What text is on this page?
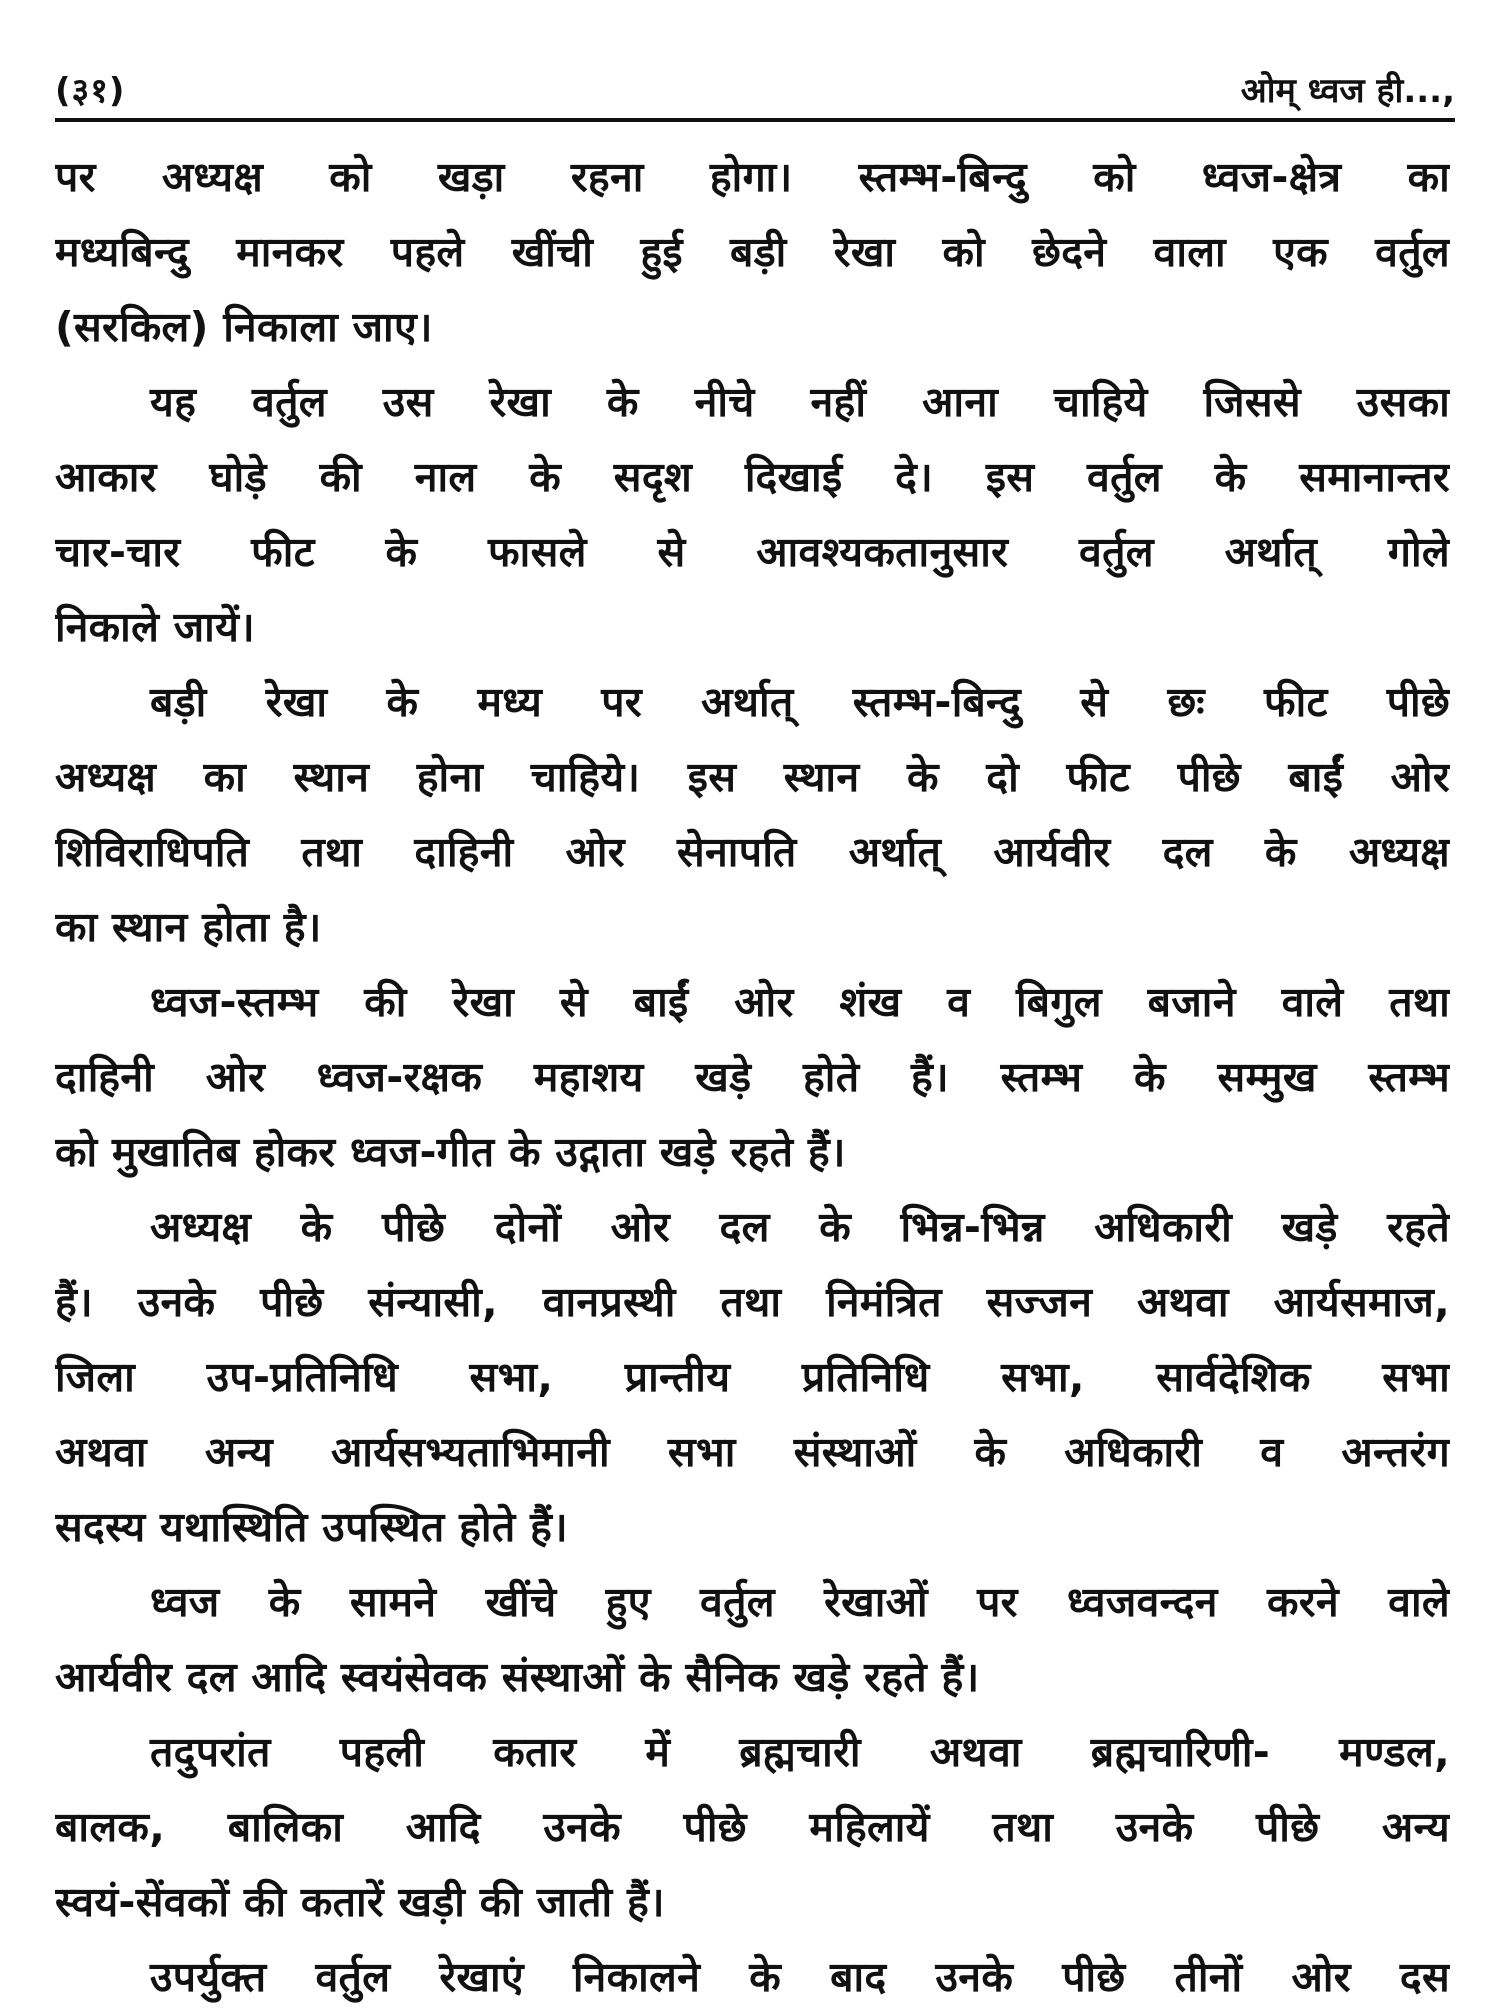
(३१)	ओम् ध्वज ही...,
पर अध्यक्ष को खड़ा रहना होगा। स्तम्भ-बिन्दु को ध्वज-क्षेत्र का
मध्यबिन्दु मानकर पहले खींची हुई बड़ी रेखा को छेदने वाला एक वर्तुल
(सरकिल) निकाला जाए।
यह वर्तुल उस रेखा के नीचे नहीं आना चाहिये जिससे उसका
आकार घोड़े की नाल के सदृश दिखाई दे। इस वर्तुल के समानान्तर
चार-चार फीट के फासले से आवश्यकतानुसार वर्तुल अर्थात् गोले
निकाले जायें।
बड़ी रेखा के मध्य पर अर्थात् स्तम्भ-बिन्दु से छः फीट पीछे
अध्यक्ष का स्थान होना चाहिये। इस स्थान के दो फीट पीछे बाईं ओर
शिविराधिपति तथा दाहिनी ओर सेनापति अर्थात् आर्यवीर दल के अध्यक्ष
का स्थान होता है।
ध्वज-स्तम्भ की रेखा से बाईं ओर शंख व बिगुल बजाने वाले तथा
दाहिनी ओर ध्वज-रक्षक महाशय खड़े होते हैं। स्तम्भ के सम्मुख स्तम्भ
को मुखातिब होकर ध्वज-गीत के उद्गाता खड़े रहते हैं।
अध्यक्ष के पीछे दोनों ओर दल के भिन्न-भिन्न अधिकारी खड़े रहते
हैं। उनके पीछे संन्यासी, वानप्रस्थी तथा निमंत्रित सज्जन अथवा आर्यसमाज,
जिला उप-प्रतिनिधि सभा, प्रान्तीय प्रतिनिधि सभा, सार्वदेशिक सभा
अथवा अन्य आर्यसभ्यताभिमानी सभा संस्थाओं के अधिकारी व अन्तरंग
सदस्य यथास्थिति उपस्थित होते हैं।
ध्वज के सामने खींचे हुए वर्तुल रेखाओं पर ध्वजवन्दन करने वाले
आर्यवीर दल आदि स्वयंसेवक संस्थाओं के सैनिक खड़े रहते हैं।
तदुपरांत पहली कतार में ब्रह्मचारी अथवा ब्रह्मचारिणी- मण्डल,
बालक, बालिका आदि उनके पीछे महिलायें तथा उनके पीछे अन्य
स्वयं-सेंवकों की कतारें खड़ी की जाती हैं।
उपर्युक्त वर्तुल रेखाएं निकालने के बाद उनके पीछे तीनों ओर दस
